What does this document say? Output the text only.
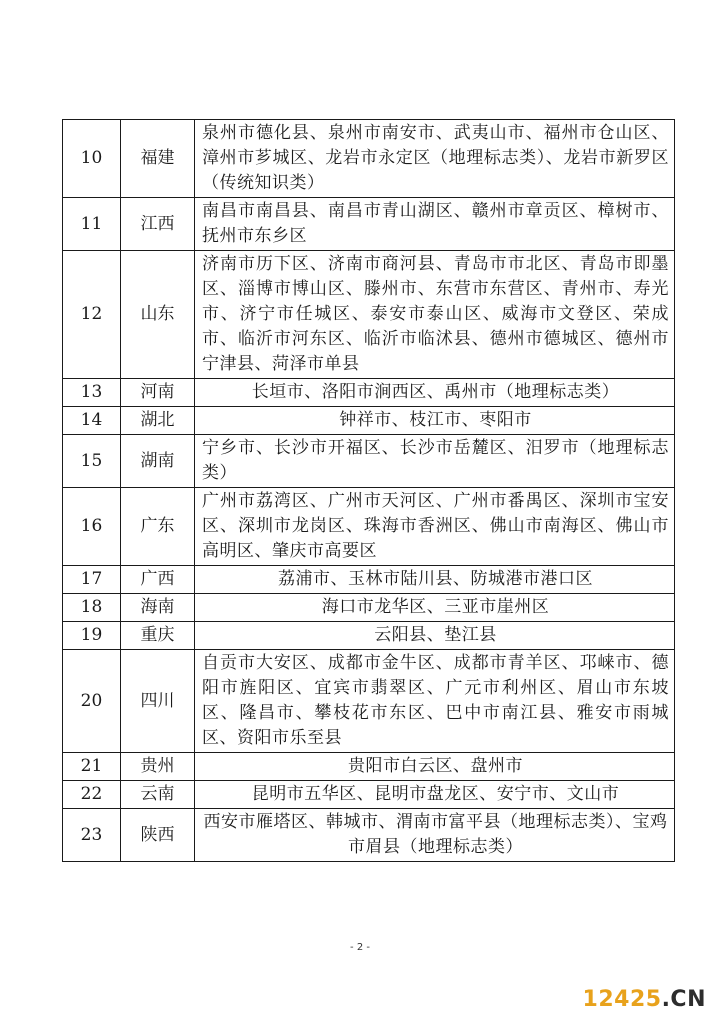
10	福建	泉州市德化县、泉州市南安市、武夷山市、福州市仓山区、漳州市芗城区、龙岩市永定区（地理标志类）、龙岩市新罗区（传统知识类）

11	江西	南昌市南昌县、南昌市青山湖区、赣州市章贡区、樟树市、抚州市东乡区

12	山东	济南市历下区、济南市商河县、青岛市市北区、青岛市即墨区、淄博市博山区、滕州市、东营市东营区、青州市、寿光市、济宁市任城区、泰安市泰山区、威海市文登区、荣成市、临沂市河东区、临沂市临沭县、德州市德城区、德州市宁津县、菏泽市单县

13	河南	长垣市、洛阳市涧西区、禹州市（地理标志类）

14	湖北	钟祥市、枝江市、枣阳市

15	湖南	宁乡市、长沙市开福区、长沙市岳麓区、汨罗市（地理标志类）

16	广东	广州市荔湾区、广州市天河区、广州市番禺区、深圳市宝安区、深圳市龙岗区、珠海市香洲区、佛山市南海区、佛山市高明区、肇庆市高要区

17	广西	荔浦市、玉林市陆川县、防城港市港口区

18	海南	海口市龙华区、三亚市崖州区

19	重庆	云阳县、垫江县

20	四川	自贡市大安区、成都市金牛区、成都市青羊区、邛崃市、德阳市旌阳区、宜宾市翡翠区、广元市利州区、眉山市东坡区、隆昌市、攀枝花市东区、巴中市南江县、雅安市雨城区、资阳市乐至县

21	贵州	贵阳市白云区、盘州市

22	云南	昆明市五华区、昆明市盘龙区、安宁市、文山市

23	陕西	西安市雁塔区、韩城市、渭南市富平县（地理标志类）、宝鸡市眉县（地理标志类）
- 2 -
12425.CN
